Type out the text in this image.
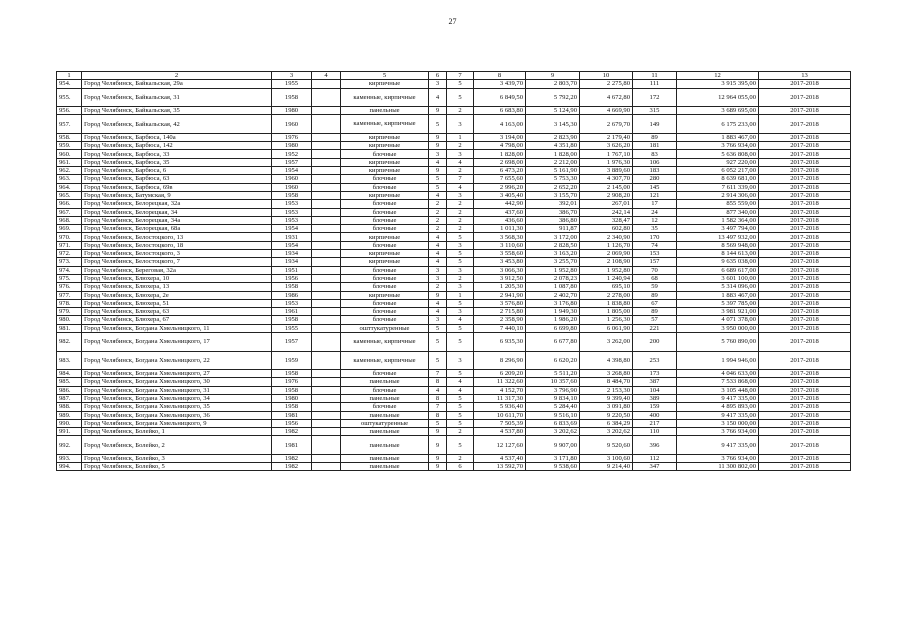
27
1	2	3	4	5	6	7	8	9	10	11	12	13
954.	Город Челябинск, Байкальская, 29а	1955		кирпичные	3	5	3 439,70	2 803,70	2 275,80	111	3 915 395,00	2017-2018
955.	Город Челябинск, Байкальская, 31	1958		каменные, кирпичные	4	5	6 849,50	5 792,20	4 672,80	172	12 964 055,00	2017-2018
956.	Город Челябинск, Байкальская, 35	1980		панельные	9	2	6 683,80	5 124,90	4 669,90	315	3 689 695,00	2017-2018
957.	Город Челябинск, Байкальская, 42	1960		каменные, кирпичные	5	3	4 163,00	3 145,30	2 679,70	149	6 175 233,00	2017-2018
958.	Город Челябинск, Барбюса, 140а	1976		кирпичные	9	1	3 194,00	2 823,90	2 179,40	89	1 883 467,00	2017-2018
959.	Город Челябинск, Барбюса, 142	1980		кирпичные	9	2	4 798,00	4 351,80	3 626,20	181	3 766 934,00	2017-2018
960.	Город Челябинск, Барбюса, 33	1952		блочные	3	3	1 828,00	1 828,00	1 767,10	83	5 636 808,00	2017-2018
961.	Город Челябинск, Барбюса, 35	1957		кирпичные	4	4	2 698,00	2 212,00	1 976,30	106	927 220,00	2017-2018
962.	Город Челябинск, Барбюса, 6	1954		кирпичные	9	2	6 473,20	5 161,90	3 889,60	183	6 052 217,00	2017-2018
963.	Город Челябинск, Барбюса, 63	1960		блочные	5	7	7 655,60	5 753,30	4 307,70	280	8 639 681,00	2017-2018
964.	Город Челябинск, Барбюса, 69в	1960		блочные	5	4	2 996,20	2 652,20	2 145,00	145	7 611 339,00	2017-2018
965.	Город Челябинск, Батумская, 9	1958		кирпичные	4	3	3 405,40	3 155,70	2 908,20	121	2 914 306,00	2017-2018
966.	Город Челябинск, Белорецкая, 32а	1953		блочные	2	2	442,90	392,01	267,01	17	855 559,00	2017-2018
967.	Город Челябинск, Белорецкая, 34	1953		блочные	2	2	437,60	386,70	242,14	24	877 340,00	2017-2018
968.	Город Челябинск, Белорецкая, 34а	1953		блочные	2	2	436,60	386,80	328,47	12	1 582 364,00	2017-2018
969.	Город Челябинск, Белорецкая, 68а	1954		блочные	2	2	1 011,30	911,87	602,80	35	3 497 794,00	2017-2018
970.	Город Челябинск, Белостоцкого, 13	1931		кирпичные	4	5	3 568,30	3 172,00	2 340,90	170	13 497 932,00	2017-2018
971.	Город Челябинск, Белостоцкого, 18	1954		блочные	4	3	3 110,60	2 828,50	1 126,70	74	8 569 948,00	2017-2018
972.	Город Челябинск, Белостоцкого, 3	1934		кирпичные	4	5	3 558,60	3 163,20	2 069,90	153	8 144 613,00	2017-2018
973.	Город Челябинск, Белостоцкого, 7	1934		кирпичные	4	5	3 453,80	3 255,70	2 108,90	157	9 635 038,00	2017-2018
974.	Город Челябинск, Береговая, 32а	1951		блочные	3	3	3 066,30	1 952,80	1 952,80	70	6 689 617,00	2017-2018
975.	Город Челябинск, Блюхера, 10	1956		блочные	3	2	3 912,50	2 078,23	1 240,94	68	3 601 100,00	2017-2018
976.	Город Челябинск, Блюхера, 13	1958		блочные	2	3	1 205,30	1 087,80	695,10	59	5 314 096,00	2017-2018
977.	Город Челябинск, Блюхера, 2е	1986		кирпичные	9	1	2 941,90	2 402,70	2 278,00	89	1 883 467,00	2017-2018
978.	Город Челябинск, Блюхера, 51	1953		блочные	4	5	3 576,80	3 176,80	1 838,80	67	5 397 785,00	2017-2018
979.	Город Челябинск, Блюхера, 63	1961		блочные	4	3	2 715,80	1 949,30	1 805,00	89	3 981 921,00	2017-2018
980.	Город Челябинск, Блюхера, 67	1958		блочные	3	4	2 358,90	1 986,20	1 256,30	57	4 071 378,00	2017-2018
981.	Город Челябинск, Богдана Хмельницкого, 11	1955		ошттукатуренные	5	5	7 440,10	6 699,80	6 061,90	221	3 950 000,00	2017-2018
982.	Город Челябинск, Богдана Хмельницкого, 17	1957		каменные, кирпичные	5	5	6 935,30	6 677,80	3 262,00	200	5 760 890,00	2017-2018
983.	Город Челябинск, Богдана Хмельницкого, 22	1959		каменные, кирпичные	5	3	8 296,90	6 620,20	4 398,80	253	1 994 946,00	2017-2018
984.	Город Челябинск, Богдана Хмельницкого, 27	1958		блочные	7	5	6 209,20	5 511,20	3 268,80	173	4 046 633,00	2017-2018
985.	Город Челябинск, Богдана Хмельницкого, 30	1976		панельные	8	4	11 322,60	10 357,60	8 484,70	387	7 533 868,00	2017-2018
986.	Город Челябинск, Богдана Хмельницкого, 31	1958		блочные	4	4	4 152,70	3 796,90	2 153,30	104	3 105 448,00	2017-2018
987.	Город Челябинск, Богдана Хмельницкого, 34	1980		панельные	8	5	11 317,30	9 834,10	9 399,40	389	9 417 335,00	2017-2018
988.	Город Челябинск, Богдана Хмельницкого, 35	1958		блочные	7	5	5 936,40	5 284,40	3 091,80	159	4 895 893,00	2017-2018
989.	Город Челябинск, Богдана Хмельницкого, 36	1981		панельные	8	5	10 611,70	9 516,10	9 220,50	400	9 417 335,00	2017-2018
990.	Город Челябинск, Богдана Хмельницкого, 9	1956		оштукатуренные	5	5	7 505,39	6 833,69	6 384,29	217	3 150 000,00	2017-2018
991.	Город Челябинск, Болейко, 1	1982		панельные	9	2	4 537,80	3 202,62	3 202,62	110	3 766 934,00	2017-2018
992.	Город Челябинск, Болейко, 2	1981		панельные	9	5	12 127,60	9 907,00	9 520,60	396	9 417 335,00	2017-2018
993.	Город Челябинск, Болейко, 3	1982		панельные	9	2	4 537,40	3 171,80	3 100,60	112	3 766 934,00	2017-2018
994.	Город Челябинск, Болейко, 5	1982		панельные	9	6	13 592,70	9 538,60	9 214,40	347	11 300 802,00	2017-2018
